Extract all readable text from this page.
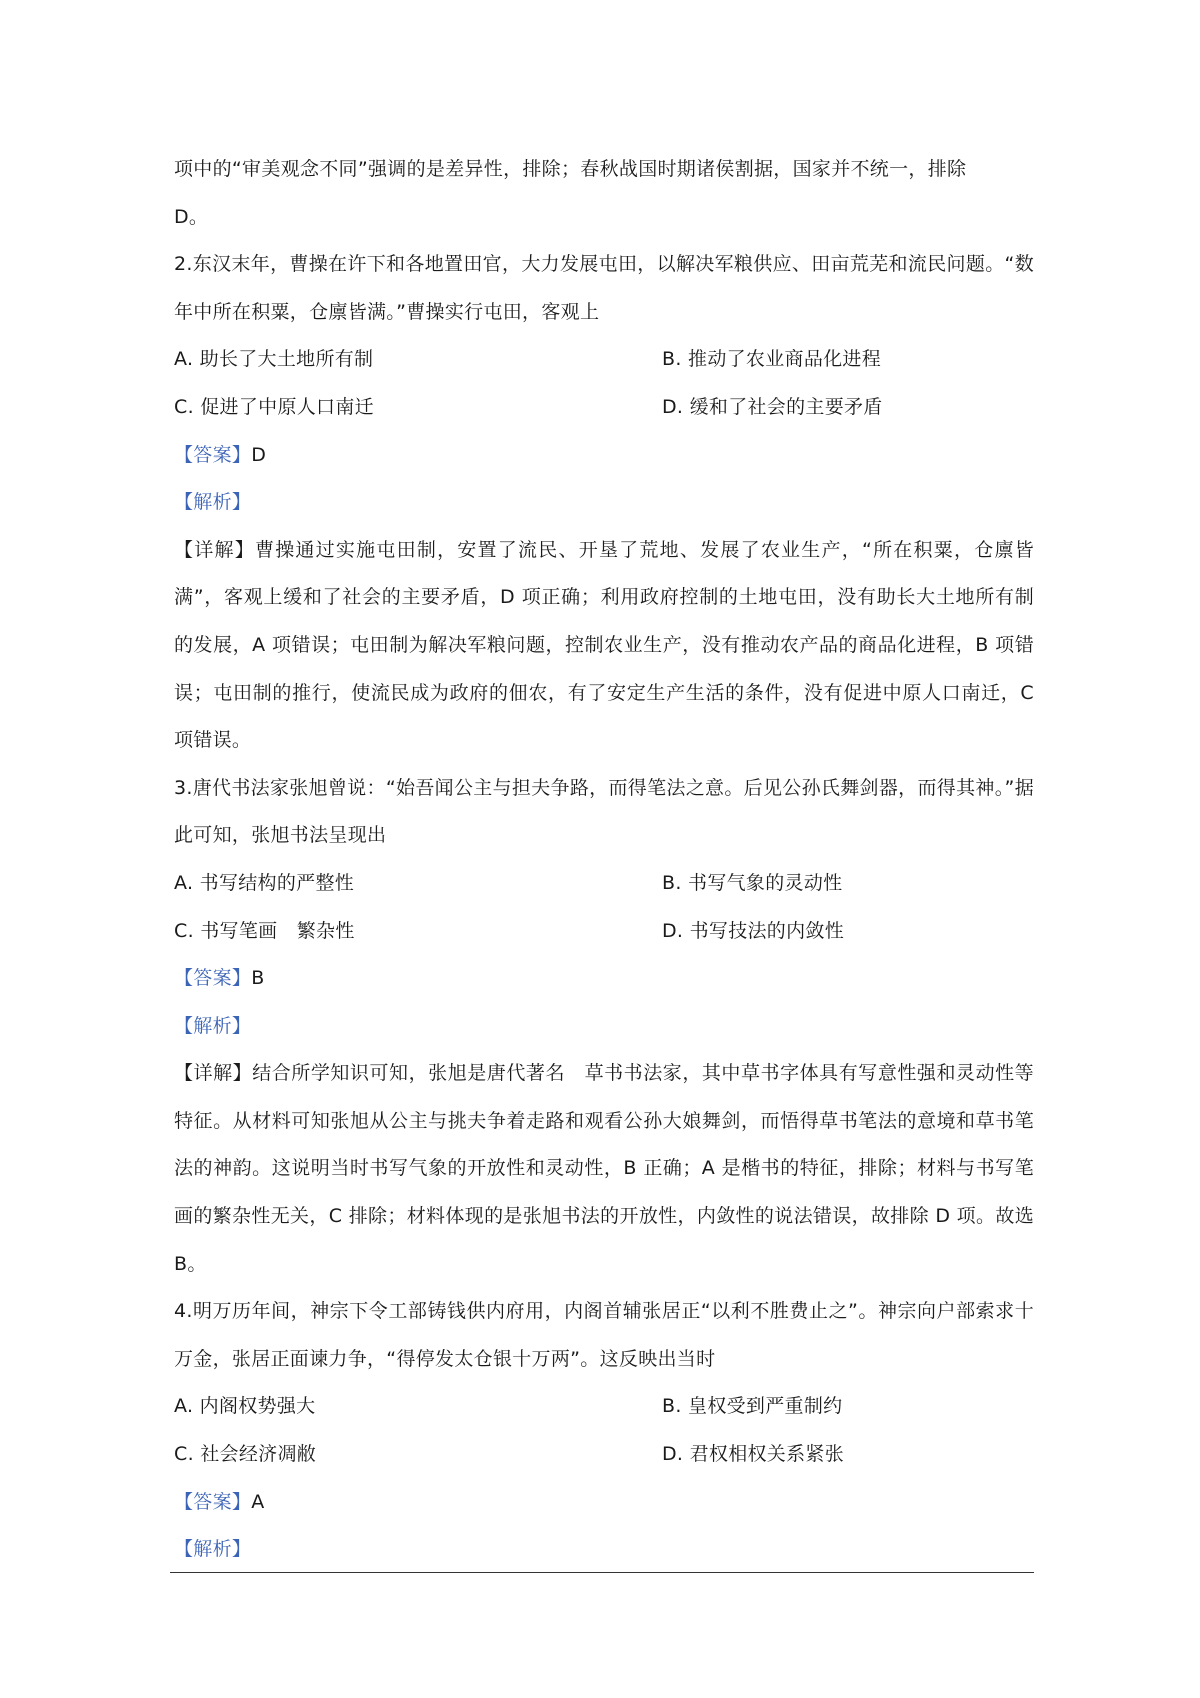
项中的“审美观念不同”强调的是差异性，排除；春秋战国时期诸侯割据，国家并不统一，排除
D。

2.东汉末年，曹操在许下和各地置田官，大力发展屯田，以解决军粮供应、田亩荒芜和流民问题。“数年中所在积粟，仓廪皆满。”曹操实行屯田，客观上

A. 助长了大土地所有制	B. 推动了农业商品化进程
C. 促进了中原人口南迁	D. 缓和了社会的主要矛盾

【答案】D

【解析】

【详解】曹操通过实施屯田制，安置了流民、开垦了荒地、发展了农业生产，“所在积粟，仓廪皆满”，客观上缓和了社会的主要矛盾，D 项正确；利用政府控制的土地屯田，没有助长大土地所有制的发展，A 项错误；屯田制为解决军粮问题，控制农业生产，没有推动农产品的商品化进程，B 项错误；屯田制的推行，使流民成为政府的佃农，有了安定生产生活的条件，没有促进中原人口南迁，C 项错误。

3.唐代书法家张旭曾说：“始吾闻公主与担夫争路，而得笔法之意。后见公孙氏舞剑器，而得其神。”据此可知，张旭书法呈现出

A. 书写结构的严整性	B. 书写气象的灵动性
C. 书写笔画　繁杂性	D. 书写技法的内敛性

【答案】B

【解析】

【详解】结合所学知识可知，张旭是唐代著名　草书书法家，其中草书字体具有写意性强和灵动性等特征。从材料可知张旭从公主与挑夫争着走路和观看公孙大娘舞剑，而悟得草书笔法的意境和草书笔法的神韵。这说明当时书写气象的开放性和灵动性，B 正确；A 是楷书的特征，排除；材料与书写笔画的繁杂性无关，C 排除；材料体现的是张旭书法的开放性，内敛性的说法错误，故排除 D 项。故选 B。

4.明万历年间，神宗下令工部铸钱供内府用，内阁首辅张居正“以利不胜费止之”。神宗向户部索求十万金，张居正面谏力争，“得停发太仓银十万两”。这反映出当时

A. 内阁权势强大	B. 皇权受到严重制约
C. 社会经济凋敝	D. 君权相权关系紧张

【答案】A

【解析】
